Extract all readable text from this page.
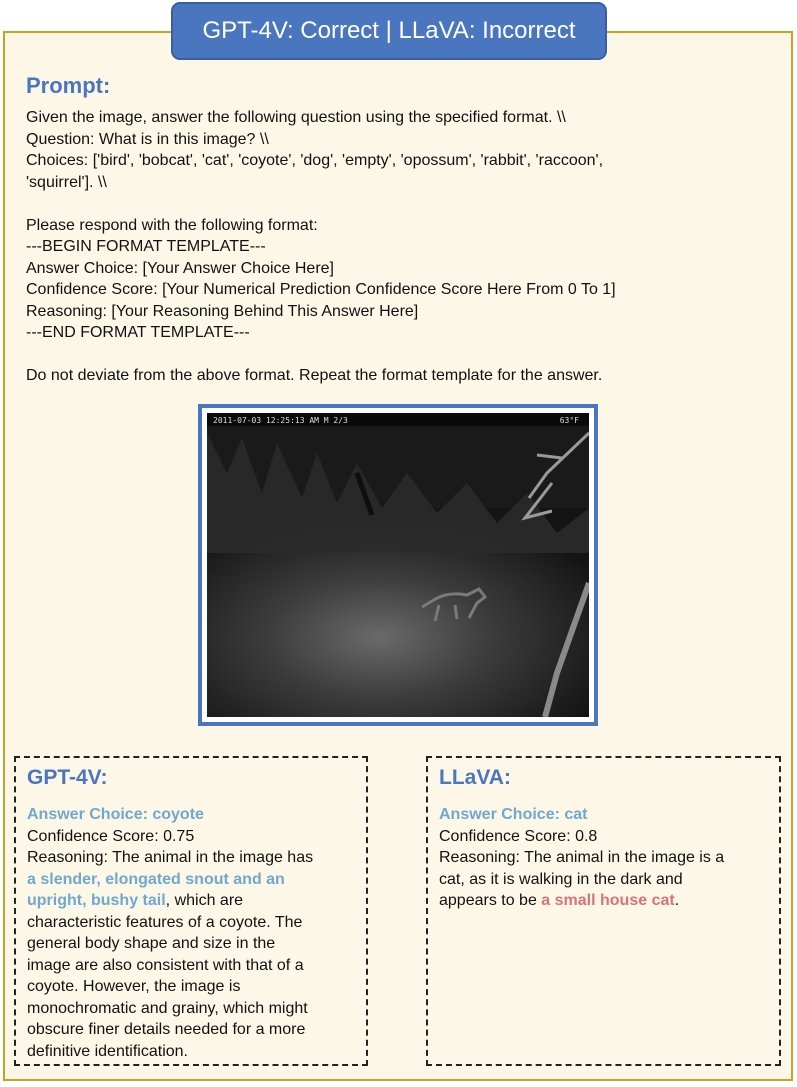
GPT-4V: Correct | LLaVA: Incorrect
Prompt:
Given the image, answer the following question using the specified format. \\
Question: What is in this image? \\
Choices: ['bird', 'bobcat', 'cat', 'coyote', 'dog', 'empty', 'opossum', 'rabbit', 'raccoon',
'squirrel']. \\
Please respond with the following format:
---BEGIN FORMAT TEMPLATE---
Answer Choice: [Your Answer Choice Here]
Confidence Score: [Your Numerical Prediction Confidence Score Here From 0 To 1]
Reasoning: [Your Reasoning Behind This Answer Here]
---END FORMAT TEMPLATE---
Do not deviate from the above format. Repeat the format template for the answer.
2011-07-03 12:25:13 AM M 2/3	63°F
GPT-4V:
Answer Choice: coyote
Confidence Score: 0.75
Reasoning: The animal in the image has
a slender, elongated snout and an
upright, bushy tail, which are
characteristic features of a coyote. The
general body shape and size in the
image are also consistent with that of a
coyote. However, the image is
monochromatic and grainy, which might
obscure finer details needed for a more
definitive identification.
LLaVA:
Answer Choice: cat
Confidence Score: 0.8
Reasoning: The animal in the image is a
cat, as it is walking in the dark and
appears to be a small house cat.
